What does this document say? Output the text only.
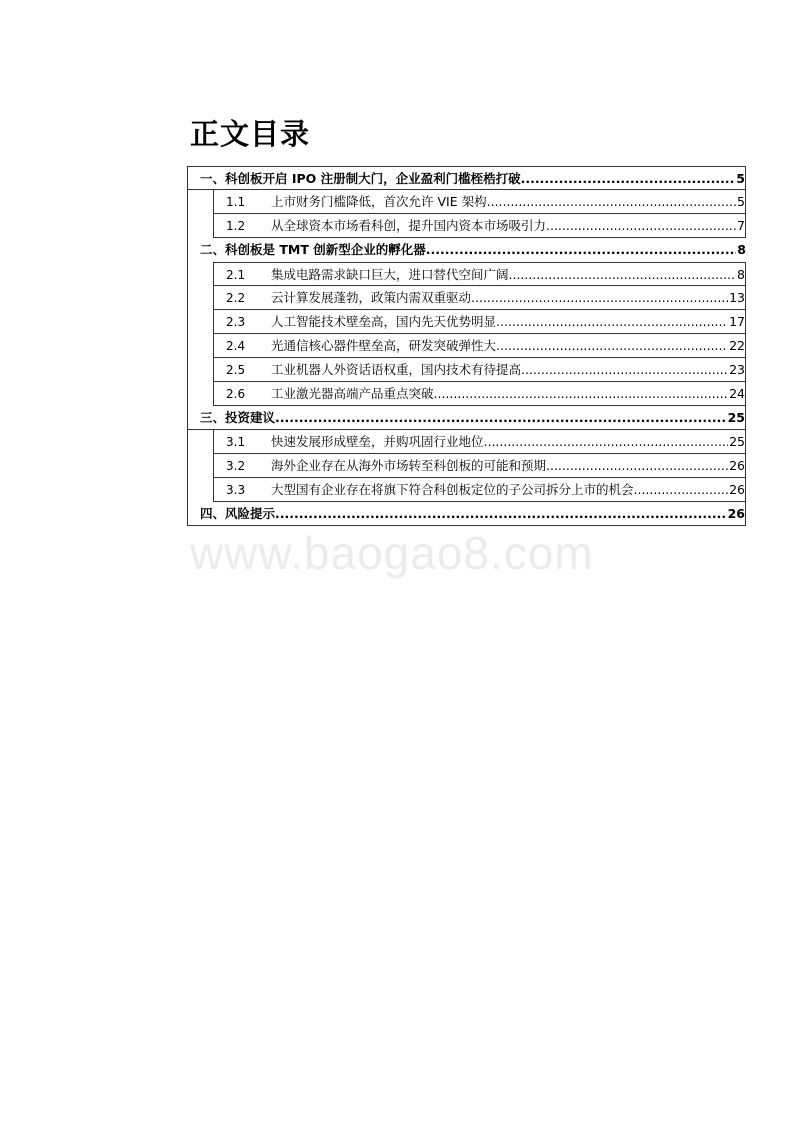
正文目录
一、科创板开启 IPO 注册制大门，企业盈利门槛桎梏打破 .....	5
1.1	上市财务门槛降低，首次允许 VIE 架构 .....	5
1.2	从全球资本市场看科创，提升国内资本市场吸引力 .....	7
二、科创板是 TMT 创新型企业的孵化器 .....	8
2.1	集成电路需求缺口巨大，进口替代空间广阔 .....	8
2.2	云计算发展蓬勃，政策内需双重驱动 .....	13
2.3	人工智能技术壁垒高，国内先天优势明显 .....	17
2.4	光通信核心器件壁垒高，研发突破弹性大 .....	22
2.5	工业机器人外资话语权重，国内技术有待提高 .....	23
2.6	工业激光器高端产品重点突破 .....	24
三、投资建议 .....	25
3.1	快速发展形成壁垒，并购巩固行业地位 .....	25
3.2	海外企业存在从海外市场转至科创板的可能和预期 .....	26
3.3	大型国有企业存在将旗下符合科创板定位的子公司拆分上市的机会 .....	26
四、风险提示 .....	26
www.baogao8.com
